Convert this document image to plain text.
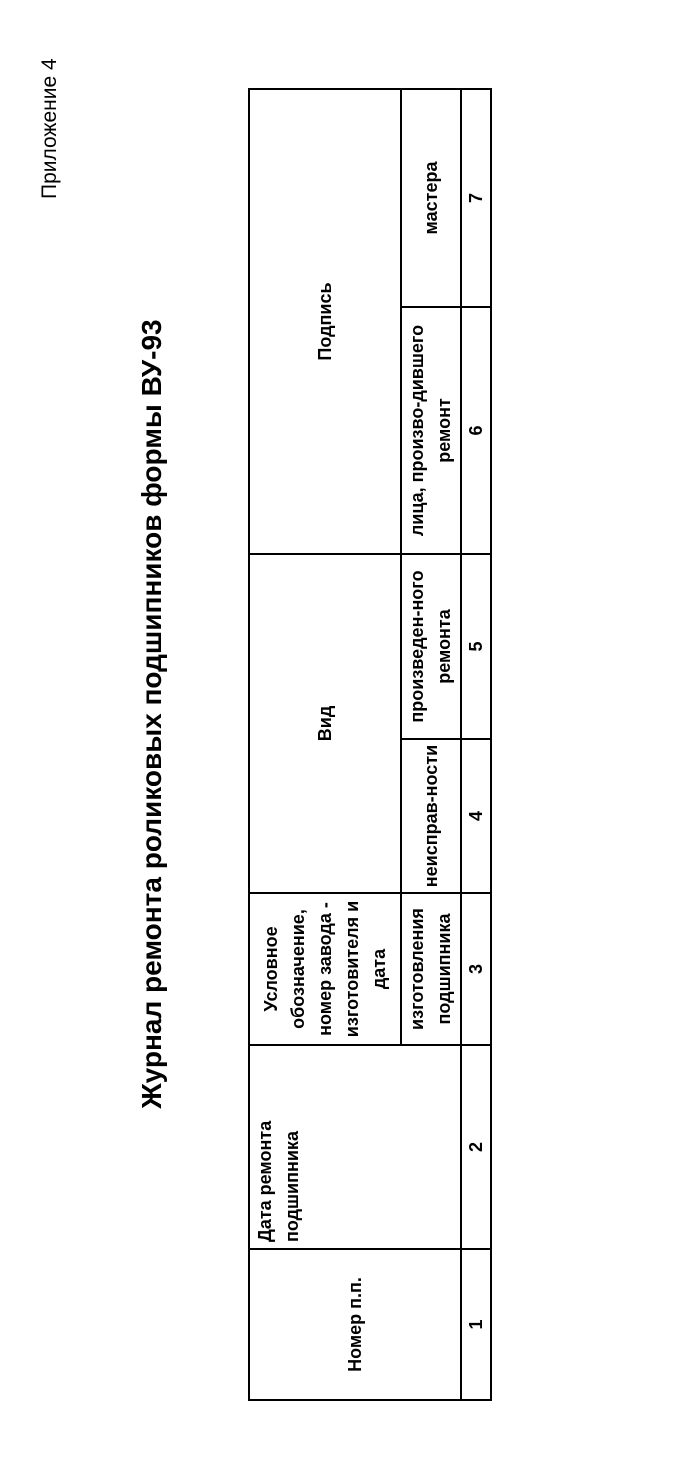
Приложение 4
Журнал ремонта роликовых подшипников формы ВУ-93
Номер п.п.	Дата ремонта подшипника	Условное обозначение, номер завода - изготовителя и дата	Вид		Подпись	
		изготовления подшипника	неисправ-ности	произведен-ного ремонта	лица, произво-дившего ремонт	мастера
1	2	3	4	5	6	7
